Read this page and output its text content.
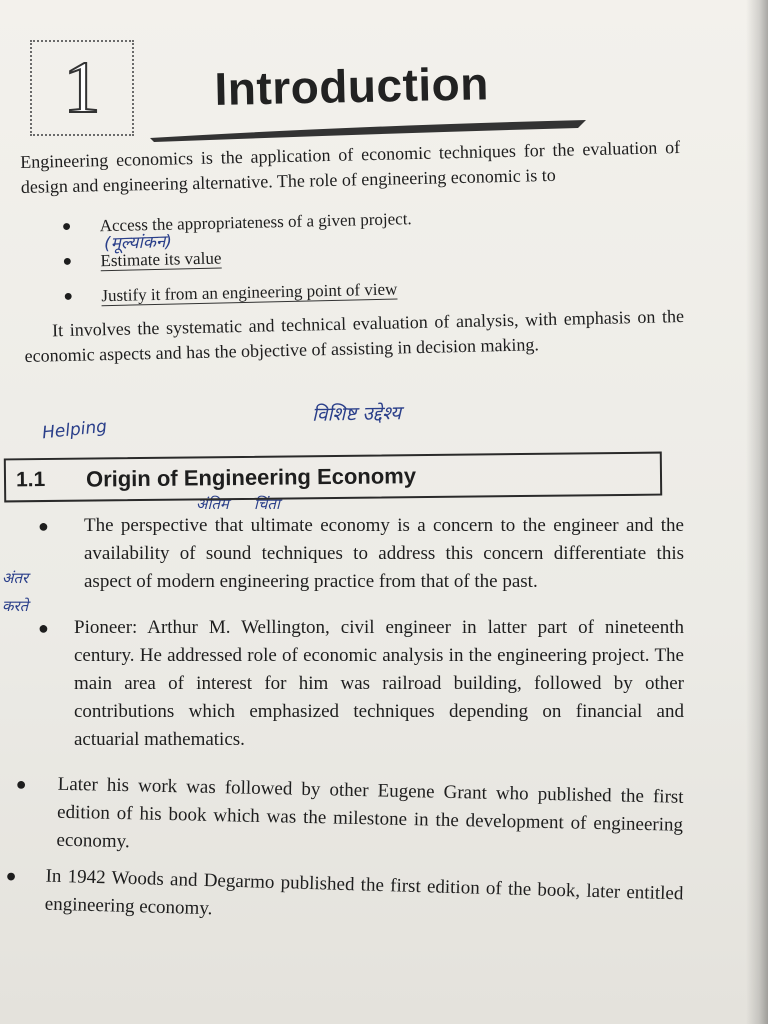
1 Introduction

Engineering economics is the application of economic techniques for the evaluation of design and engineering alternative. The role of engineering economic is to

● Access the appropriateness of a given project.
● Estimate its value
● Justify it from an engineering point of view

It involves the systematic and technical evaluation of analysis, with emphasis on the economic aspects and has the objective of assisting in decision making.

(मूल्यांकन)
विशिष्ट उद्देश्य
Helping
अंतिम चिंता
अंतर
करते
1.1	Origin of Engineering Economy
● The perspective that ultimate economy is a concern to the engineer and the availability of sound techniques to address this concern differentiate this aspect of modern engineering practice from that of the past.
● Pioneer: Arthur M. Wellington, civil engineer in latter part of nineteenth century. He addressed role of economic analysis in the engineering project. The main area of interest for him was railroad building, followed by other contributions which emphasized techniques depending on financial and actuarial mathematics.
● Later his work was followed by other Eugene Grant who published the first edition of his book which was the milestone in the development of engineering economy.
● In 1942 Woods and Degarmo published the first edition of the book, later entitled engineering economy.
